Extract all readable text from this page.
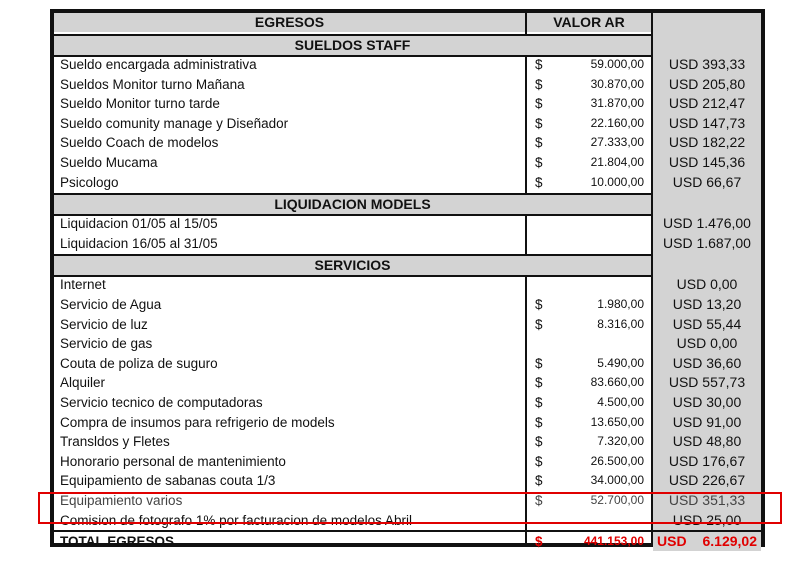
EGRESOS	VALOR AR
SUELDOS STAFF
Sueldo encargada administrativa	$	59.000,00	USD 393,33
Sueldos Monitor turno Mañana	$	30.870,00	USD 205,80
Sueldo Monitor turno tarde	$	31.870,00	USD 212,47
Sueldo comunity manage y Diseñador	$	22.160,00	USD 147,73
Sueldo Coach de modelos	$	27.333,00	USD 182,22
Sueldo Mucama	$	21.804,00	USD 145,36
Psicologo	$	10.000,00	USD 66,67
LIQUIDACION MODELS
Liquidacion 01/05 al 15/05	USD 1.476,00
Liquidacion 16/05 al 31/05	USD 1.687,00
SERVICIOS
Internet	USD 0,00
Servicio de Agua	$	1.980,00	USD 13,20
Servicio de luz	$	8.316,00	USD 55,44
Servicio de gas	USD 0,00
Couta de poliza de suguro	$	5.490,00	USD 36,60
Alquiler	$	83.660,00	USD 557,73
Servicio tecnico de computadoras	$	4.500,00	USD 30,00
Compra de insumos para refrigerio de models	$	13.650,00	USD 91,00
Transldos y Fletes	$	7.320,00	USD 48,80
Honorario personal de mantenimiento	$	26.500,00	USD 176,67
Equipamiento de sabanas couta 1/3	$	34.000,00	USD 226,67
Equipamiento varios	$	52.700,00	USD 351,33
Comision de fotografo 1% por facturacion de modelos Abril	USD 25,00
TOTAL EGRESOS	$	441.153,00 USD 6.129,02
